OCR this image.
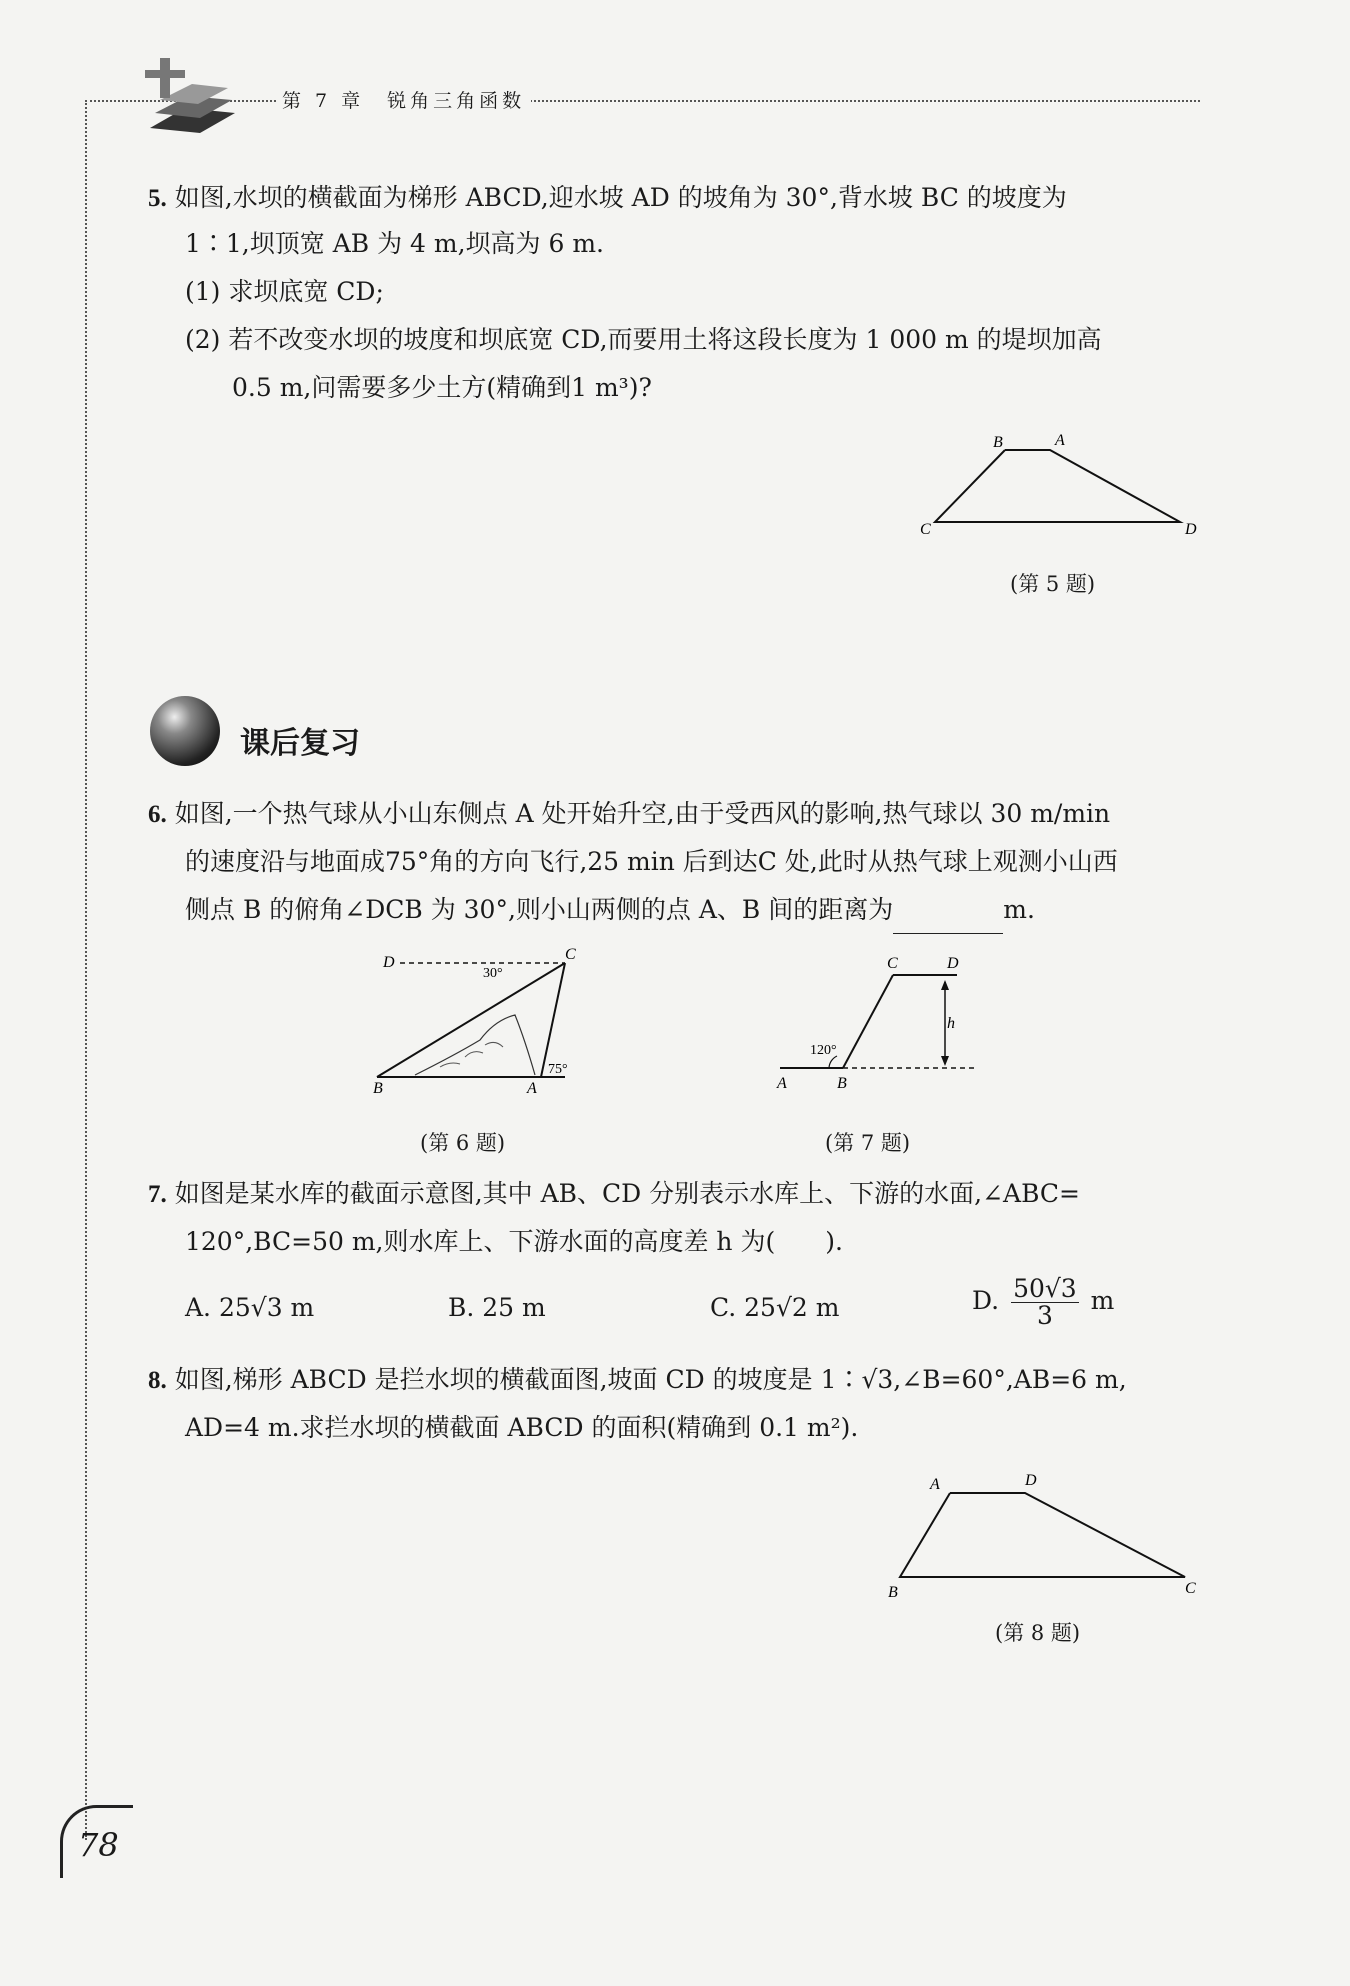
第 7 章　锐角三角函数
5. 如图,水坝的横截面为梯形 ABCD,迎水坡 AD 的坡角为 30°,背水坡 BC 的坡度为
1∶1,坝顶宽 AB 为 4 m,坝高为 6 m.
(1) 求坝底宽 CD;
(2) 若不改变水坝的坡度和坝底宽 CD,而要用土将这段长度为 1 000 m 的堤坝加高
0.5 m,问需要多少土方(精确到1 m³)?
B	A
C	D
(第 5 题)
课后复习
6. 如图,一个热气球从小山东侧点 A 处开始升空,由于受西风的影响,热气球以 30 m/min
的速度沿与地面成75°角的方向飞行,25 min 后到达C 处,此时从热气球上观测小山西
侧点 B 的俯角∠DCB 为 30°,则小山两侧的点 A、B 间的距离为	m.
30°
75°
D	C
B	A
(第 6 题)
120°
C	D
h
A	B
(第 7 题)
7. 如图是某水库的截面示意图,其中 AB、CD 分别表示水库上、下游的水面,∠ABC=
120°,BC=50 m,则水库上、下游水面的高度差 h 为(　　).
A. 25√3 m	B. 25 m	C. 25√2 m	D. $\frac{50√3}{3}$ m
8. 如图,梯形 ABCD 是拦水坝的横截面图,坡面 CD 的坡度是 1∶√3,∠B=60°,AB=6 m,
AD=4 m.求拦水坝的横截面 ABCD 的面积(精确到 0.1 m²).
A	D
B	C
(第 8 题)
78
